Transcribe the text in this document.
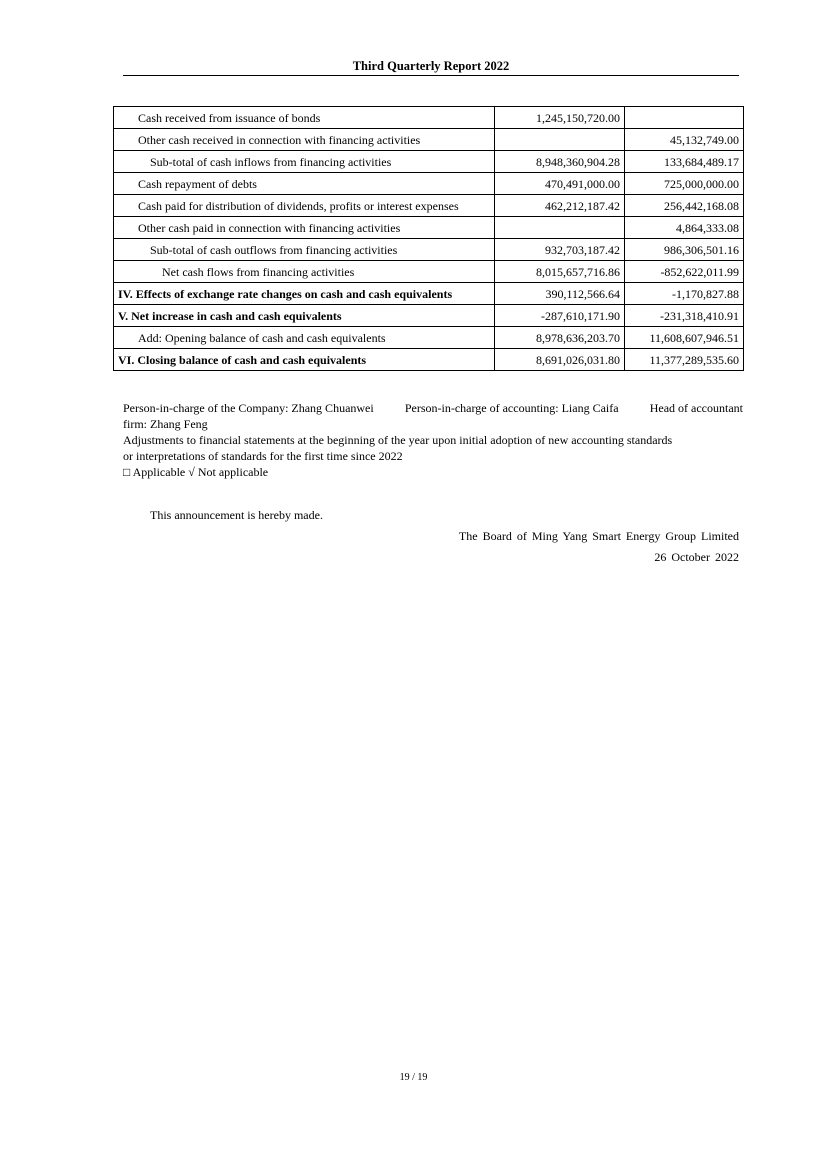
Third Quarterly Report 2022
Cash received from issuance of bonds	1,245,150,720.00	
Other cash received in connection with financing activities		45,132,749.00
Sub-total of cash inflows from financing activities	8,948,360,904.28	133,684,489.17
Cash repayment of debts	470,491,000.00	725,000,000.00
Cash paid for distribution of dividends, profits or interest expenses	462,212,187.42	256,442,168.08
Other cash paid in connection with financing activities		4,864,333.08
Sub-total of cash outflows from financing activities	932,703,187.42	986,306,501.16
Net cash flows from financing activities	8,015,657,716.86	-852,622,011.99
IV. Effects of exchange rate changes on cash and cash equivalents	390,112,566.64	-1,170,827.88
V. Net increase in cash and cash equivalents	-287,610,171.90	-231,318,410.91
Add: Opening balance of cash and cash equivalents	8,978,636,203.70	11,608,607,946.51
VI. Closing balance of cash and cash equivalents	8,691,026,031.80	11,377,289,535.60
Person-in-charge of the Company: Zhang Chuanwei	Person-in-charge of accounting: Liang Caifa	Head of accountant
firm: Zhang Feng
Adjustments to financial statements at the beginning of the year upon initial adoption of new accounting standards
or interpretations of standards for the first time since 2022
□ Applicable √ Not applicable
This announcement is hereby made.
The Board of Ming Yang Smart Energy Group Limited
26 October 2022
19 / 19
